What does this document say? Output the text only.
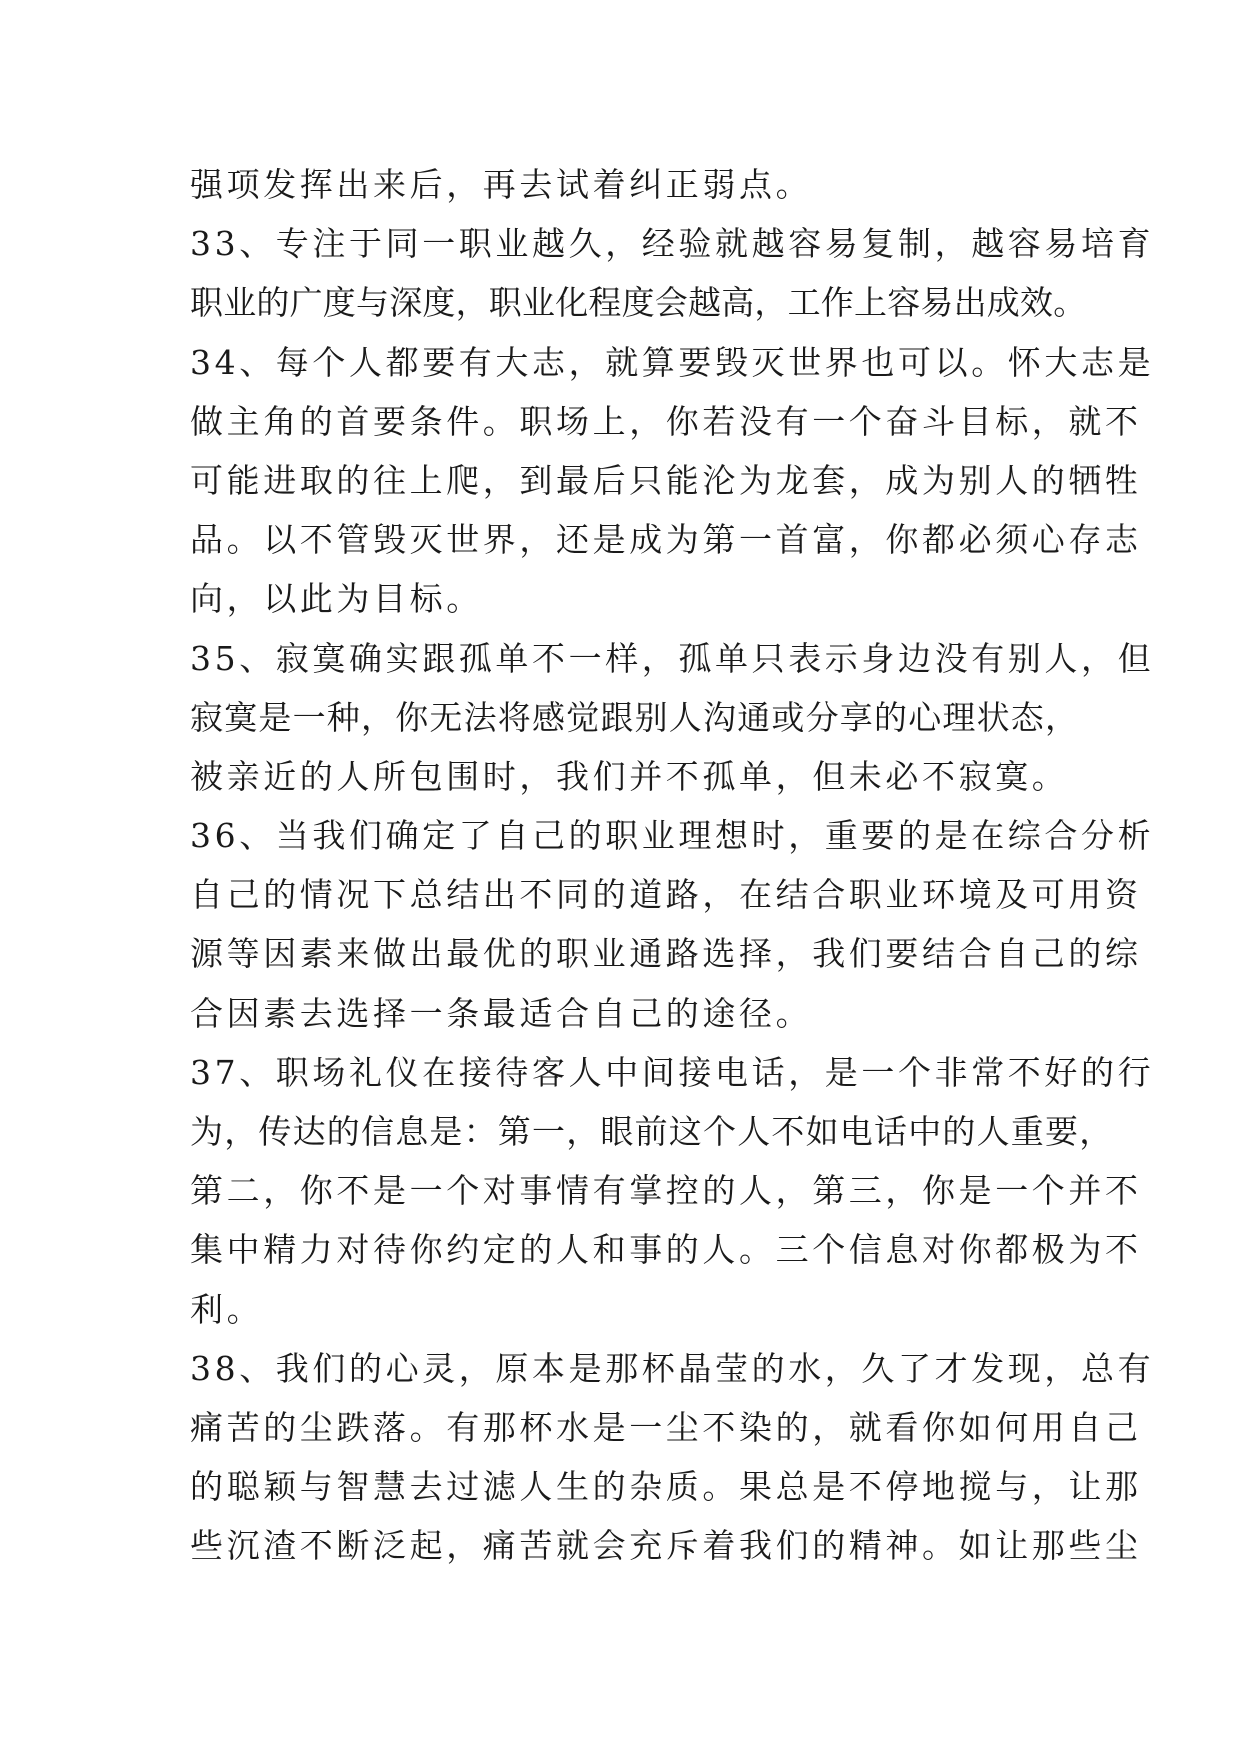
强项发挥出来后，再去试着纠正弱点。
33、专注于同一职业越久，经验就越容易复制，越容易培育
职业的广度与深度，职业化程度会越高，工作上容易出成效。
34、每个人都要有大志，就算要毁灭世界也可以。怀大志是
做主角的首要条件。职场上，你若没有一个奋斗目标，就不
可能进取的往上爬，到最后只能沦为龙套，成为别人的牺牲
品。以不管毁灭世界，还是成为第一首富，你都必须心存志
向，以此为目标。
35、寂寞确实跟孤单不一样，孤单只表示身边没有别人，但
寂寞是一种，你无法将感觉跟别人沟通或分享的心理状态，
被亲近的人所包围时，我们并不孤单，但未必不寂寞。
36、当我们确定了自己的职业理想时，重要的是在综合分析
自己的情况下总结出不同的道路，在结合职业环境及可用资
源等因素来做出最优的职业通路选择，我们要结合自己的综
合因素去选择一条最适合自己的途径。
37、职场礼仪在接待客人中间接电话，是一个非常不好的行
为，传达的信息是：第一，眼前这个人不如电话中的人重要，
第二，你不是一个对事情有掌控的人，第三，你是一个并不
集中精力对待你约定的人和事的人。三个信息对你都极为不
利。
38、我们的心灵，原本是那杯晶莹的水，久了才发现，总有
痛苦的尘跌落。有那杯水是一尘不染的，就看你如何用自己
的聪颖与智慧去过滤人生的杂质。果总是不停地搅与，让那
些沉渣不断泛起，痛苦就会充斥着我们的精神。如让那些尘
